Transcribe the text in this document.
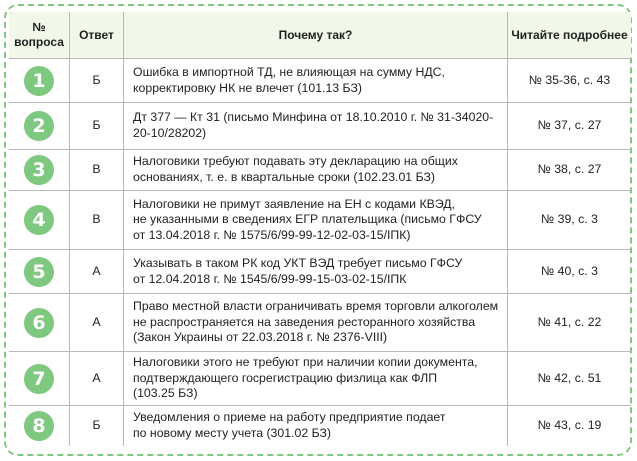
№
вопроса	Ответ	Почему так?	Читайте подробнее
1	Б	Ошибка в импортной ТД, не влияющая на сумму НДС,
корректировку НК не влечет (101.13 БЗ)	№ 35-36, с. 43
2	Б	Дт 377 — Кт 31 (письмо Минфина от 18.10.2010 г. № 31-34020-
20-10/28202)	№ 37, с. 27
3	В	Налоговики требуют подавать эту декларацию на общих
основаниях, т. е. в квартальные сроки (102.23.01 БЗ)	№ 38, с. 27
4	В	Налоговики не примут заявление на ЕН с кодами КВЭД,
не указанными в сведениях ЕГР плательщика (письмо ГФСУ
от 13.04.2018 г. № 1575/6/99-99-12-02-03-15/ІПК)	№ 39, с. 3
5	А	Указывать в таком РК код УКТ ВЭД требует письмо ГФСУ
от 12.04.2018 г. № 1545/6/99-99-15-03-02-15/ІПК	№ 40, с. 3
6	А	Право местной власти ограничивать время торговли алкоголем
не распространяется на заведения ресторанного хозяйства
(Закон Украины от 22.03.2018 г. № 2376-VIII)	№ 41, с. 22
7	А	Налоговики этого не требуют при наличии копии документа,
подтверждающего госрегистрацию физлица как ФЛП
(103.25 БЗ)	№ 42, с. 51
8	Б	Уведомления о приеме на работу предприятие подает
по новому месту учета (301.02 БЗ)	№ 43, с. 19
